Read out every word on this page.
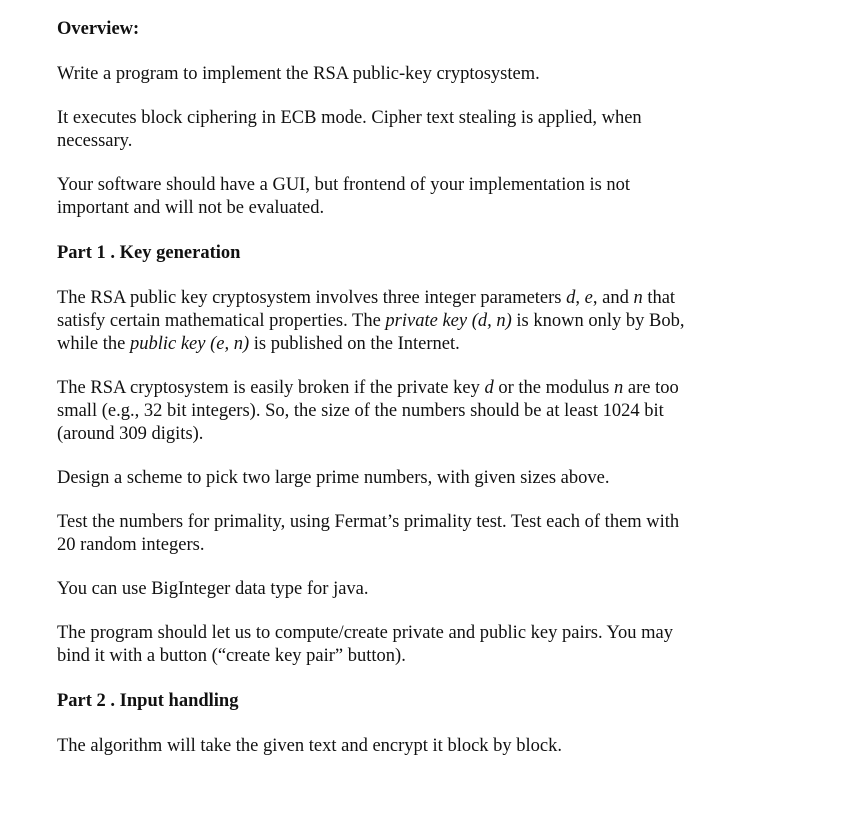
Overview:

Write a program to implement the RSA public-key cryptosystem.

It executes block ciphering in ECB mode. Cipher text stealing is applied, when
necessary.

Your software should have a GUI, but frontend of your implementation is not
important and will not be evaluated.

Part 1 . Key generation

The RSA public key cryptosystem involves three integer parameters d, e, and n that
satisfy certain mathematical properties. The private key (d, n) is known only by Bob,
while the public key (e, n) is published on the Internet.

The RSA cryptosystem is easily broken if the private key d or the modulus n are too
small (e.g., 32 bit integers). So, the size of the numbers should be at least 1024 bit
(around 309 digits).

Design a scheme to pick two large prime numbers, with given sizes above.

Test the numbers for primality, using Fermat’s primality test. Test each of them with
20 random integers.

You can use BigInteger data type for java.

The program should let us to compute/create private and public key pairs. You may
bind it with a button (“create key pair” button).

Part 2 . Input handling

The algorithm will take the given text and encrypt it block by block.
